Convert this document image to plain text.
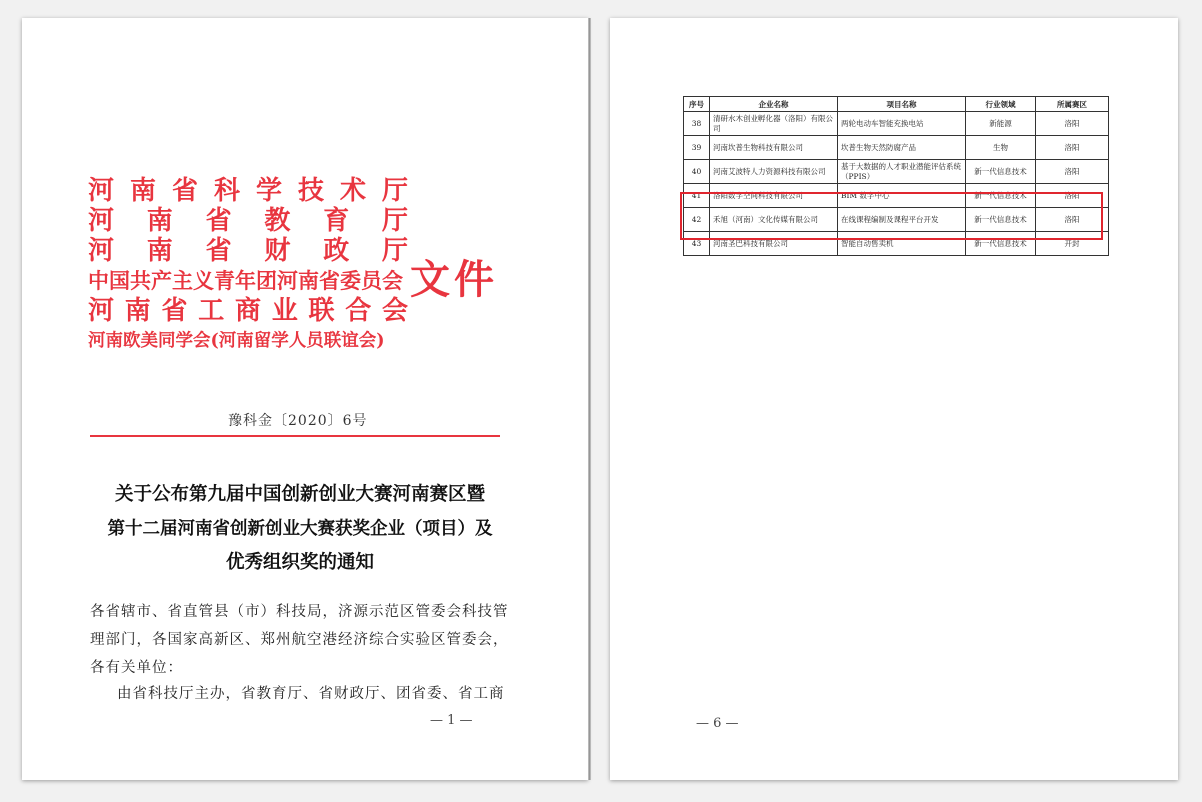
河南省科学技术厅
河南省教育厅
河南省财政厅
中国共产主义青年团河南省委员会
河南省工商业联合会
河南欧美同学会(河南留学人员联谊会)
文件
豫科金〔2020〕6号
关于公布第九届中国创新创业大赛河南赛区暨
第十二届河南省创新创业大赛获奖企业（项目）及
优秀组织奖的通知
各省辖市、省直管县（市）科技局，济源示范区管委会科技管理部门，各国家高新区、郑州航空港经济综合实验区管委会，各有关单位：
由省科技厅主办，省教育厅、省财政厅、团省委、省工商
— 1 —
序号	企业名称	项目名称	行业领域	所属赛区
38	清研水木创业孵化器（洛阳）有限公司	两轮电动车智能充换电站	新能源	洛阳
39	河南坎普生物科技有限公司	坎普生物天然防腐产品	生物	洛阳
40	河南艾波特人力资源科技有限公司	基于大数据的人才职业潜能评估系统（PPIS）	新一代信息技术	洛阳
41	洛阳数字空间科技有限公司	BIM 数字中心	新一代信息技术	洛阳
42	禾旭（河南）文化传媒有限公司	在线课程编制及课程平台开发	新一代信息技术	洛阳
43	河南圣巴科技有限公司	智能自动售卖机	新一代信息技术	开封
— 6 —
